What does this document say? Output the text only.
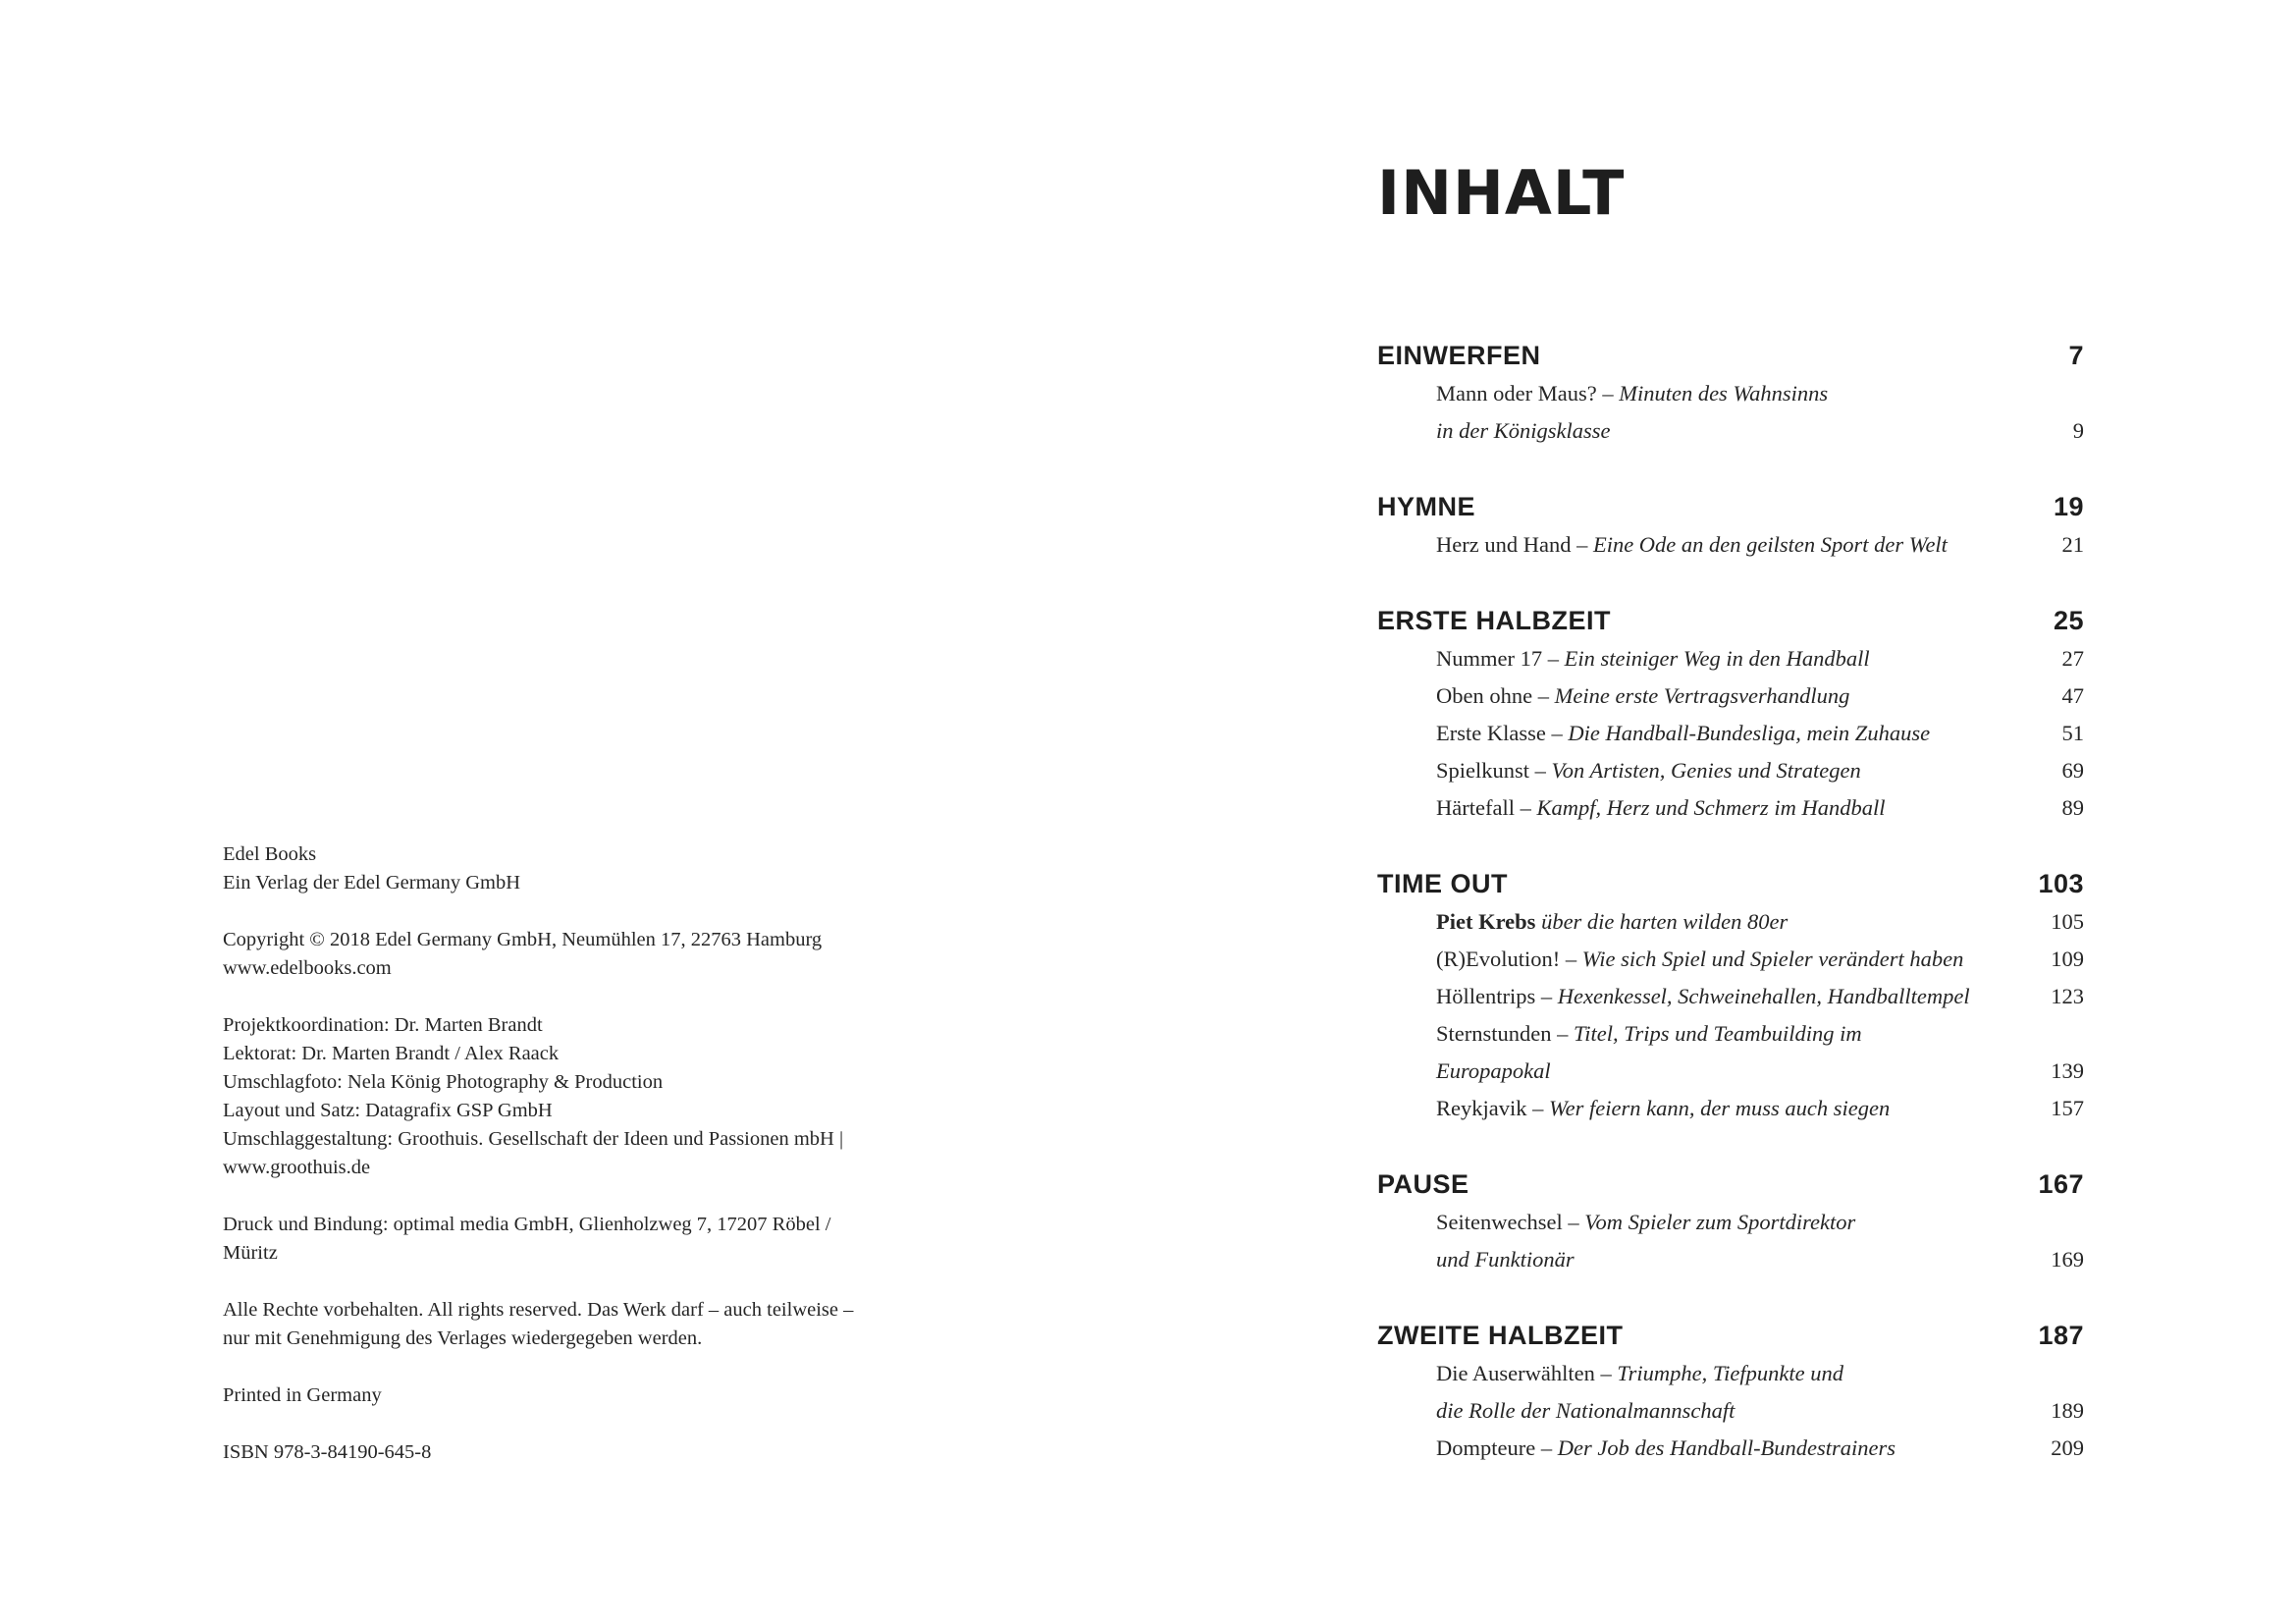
Edel Books
Ein Verlag der Edel Germany GmbH

Copyright © 2018 Edel Germany GmbH, Neumühlen 17, 22763 Hamburg
www.edelbooks.com

Projektkoordination: Dr. Marten Brandt
Lektorat: Dr. Marten Brandt / Alex Raack
Umschlagfoto: Nela König Photography & Production
Layout und Satz: Datagrafix GSP GmbH
Umschlaggestaltung: Groothuis. Gesellschaft der Ideen und Passionen mbH |
www.groothuis.de

Druck und Bindung: optimal media GmbH, Glienholzweg 7, 17207 Röbel /
Müritz

Alle Rechte vorbehalten. All rights reserved. Das Werk darf – auch teilweise –
nur mit Genehmigung des Verlages wiedergegeben werden.

Printed in Germany

ISBN 978-3-84190-645-8

INHALT
EINWERFEN	7
Mann oder Maus? – Minuten des Wahnsinns
in der Königsklasse	9
HYMNE	19
Herz und Hand – Eine Ode an den geilsten Sport der Welt	21
ERSTE HALBZEIT	25
Nummer 17 – Ein steiniger Weg in den Handball	27
Oben ohne – Meine erste Vertragsverhandlung	47
Erste Klasse – Die Handball-Bundesliga, mein Zuhause	51
Spielkunst – Von Artisten, Genies und Strategen	69
Härtefall – Kampf, Herz und Schmerz im Handball	89
TIME OUT	103
Piet Krebs über die harten wilden 80er	105
(R)Evolution! – Wie sich Spiel und Spieler verändert haben	109
Höllentrips – Hexenkessel, Schweinehallen, Handballtempel	123
Sternstunden – Titel, Trips und Teambuilding im
Europapokal	139
Reykjavik – Wer feiern kann, der muss auch siegen	157
PAUSE	167
Seitenwechsel – Vom Spieler zum Sportdirektor
und Funktionär	169
ZWEITE HALBZEIT	187
Die Auserwählten – Triumphe, Tiefpunkte und
die Rolle der Nationalmannschaft	189
Dompteure – Der Job des Handball-Bundestrainers	209
